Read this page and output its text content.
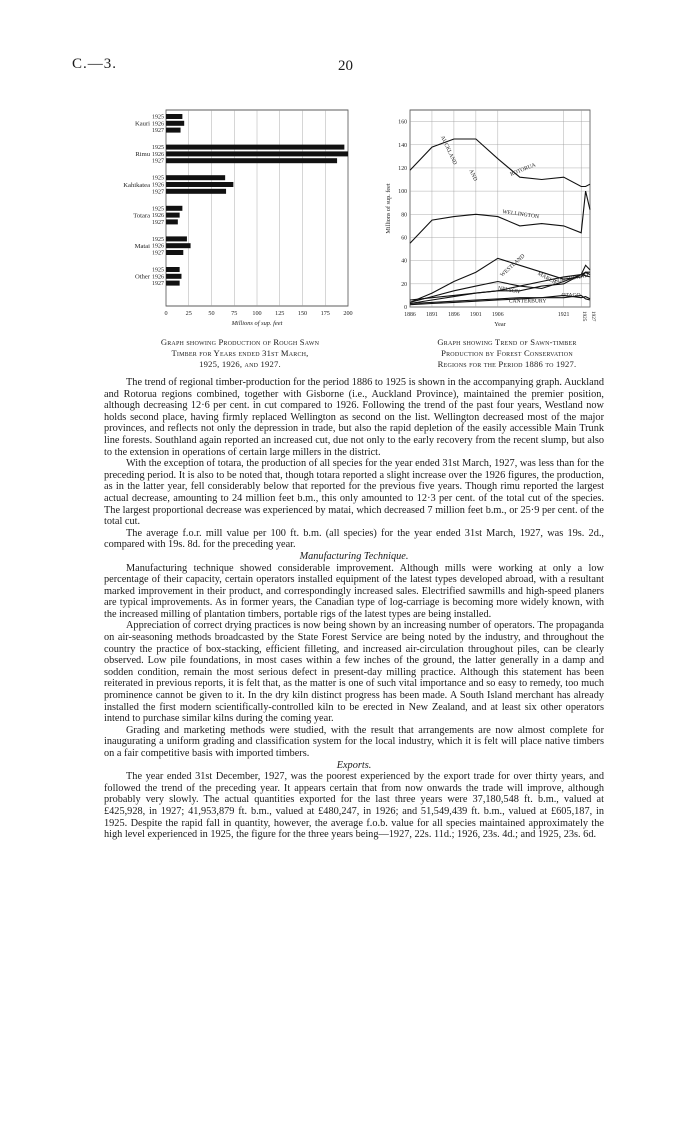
C.—3.	20
0	25	50	75 100 125 150 175 200
Millions of sup. feet
1925
1926
1927
Kauri
1925
1926
1927
Rimu
1925
1926
1927
Kahikatea
1925
1926
1927
Totara
1925
1926
1927
Matai
1925
1926
1927
Other
0
20
40
60
80
100
120
140
160
1886 1891 1896 1901 1906	1921 1925 1927
Year
Millions of sup. feet
AUCKLAND
AND	ROTORUA
WELLINGTON
WESTLAND
NELSON
MARLB.
SOUTHLAND
CANTERBURY
OTAGO
Graph showing Production of Rough Sawn
Timber for Years ended 31st March,
1925, 1926, and 1927.
Graph showing Trend of Sawn-timber
Production by Forest Conservation
Regions for the Period 1886 to 1927.

The trend of regional timber-production for the period 1886 to 1925 is shown in the accompanying graph. Auckland and Rotorua regions combined, together with Gisborne (i.e., Auckland Province), maintained the premier position, although decreasing 12·6 per cent. in cut compared to 1926. Following the trend of the past four years, Westland now holds second place, having firmly replaced Wellington as second on the list. Wellington decreased most of the major provinces, and reflects not only the depression in trade, but also the rapid depletion of the easily accessible Main Trunk line forests. Southland again reported an increased cut, due not only to the early recovery from the recent slump, but also to the extension in operations of certain large millers in the district.

With the exception of totara, the production of all species for the year ended 31st March, 1927, was less than for the preceding period. It is also to be noted that, though totara reported a slight increase over the 1926 figures, the production, as in the latter year, fell considerably below that reported for the previous five years. Though rimu reported the largest actual decrease, amounting to 24 million feet b.m., this only amounted to 12·3 per cent. of the total cut of the species. The largest proportional decrease was experienced by matai, which decreased 7 million feet b.m., or 25·9 per cent. of the total cut.

The average f.o.r. mill value per 100 ft. b.m. (all species) for the year ended 31st March, 1927, was 19s. 2d., compared with 19s. 8d. for the preceding year.

Manufacturing Technique.

Manufacturing technique showed considerable improvement. Although mills were working at only a low percentage of their capacity, certain operators installed equipment of the latest types developed abroad, with a resultant marked improvement in their product, and correspondingly increased sales. Electrified sawmills and high-speed planers are typical improvements. As in former years, the Canadian type of log-carriage is becoming more widely known, with the increased milling of plantation timbers, portable rigs of the latest types are being installed.

Appreciation of correct drying practices is now being shown by an increasing number of operators. The propaganda on air-seasoning methods broadcasted by the State Forest Service are being noted by the industry, and throughout the country the practice of box-stacking, efficient filleting, and increased air-circulation throughout piles, can be clearly observed. Low pile foundations, in most cases within a few inches of the ground, the latter generally in a damp and sodden condition, remain the most serious defect in present-day milling practice. Although this statement has been reiterated in previous reports, it is felt that, as the matter is one of such vital importance and so easy to remedy, too much prominence cannot be given to it. In the dry kiln distinct progress has been made. A South Island merchant has already installed the first modern scientifically-controlled kiln to be erected in New Zealand, and at least six other operators intend to purchase similar kilns during the coming year.

Grading and marketing methods were studied, with the result that arrangements are now almost complete for inaugurating a uniform grading and classification system for the local industry, which it is felt will place native timbers on a fair competitive basis with imported timbers.

Exports.

The year ended 31st December, 1927, was the poorest experienced by the export trade for over thirty years, and followed the trend of the preceding year. It appears certain that from now onwards the trade will improve, although probably very slowly. The actual quantities exported for the last three years were 37,180,548 ft. b.m., valued at £425,928, in 1927; 41,953,879 ft. b.m., valued at £480,247, in 1926; and 51,549,439 ft. b.m., valued at £605,187, in 1925. Despite the rapid fall in quantity, however, the average f.o.b. value for all species maintained approximately the high level experienced in 1925, the figure for the three years being—1927, 22s. 11d.; 1926, 23s. 4d.; and 1925, 23s. 6d.
